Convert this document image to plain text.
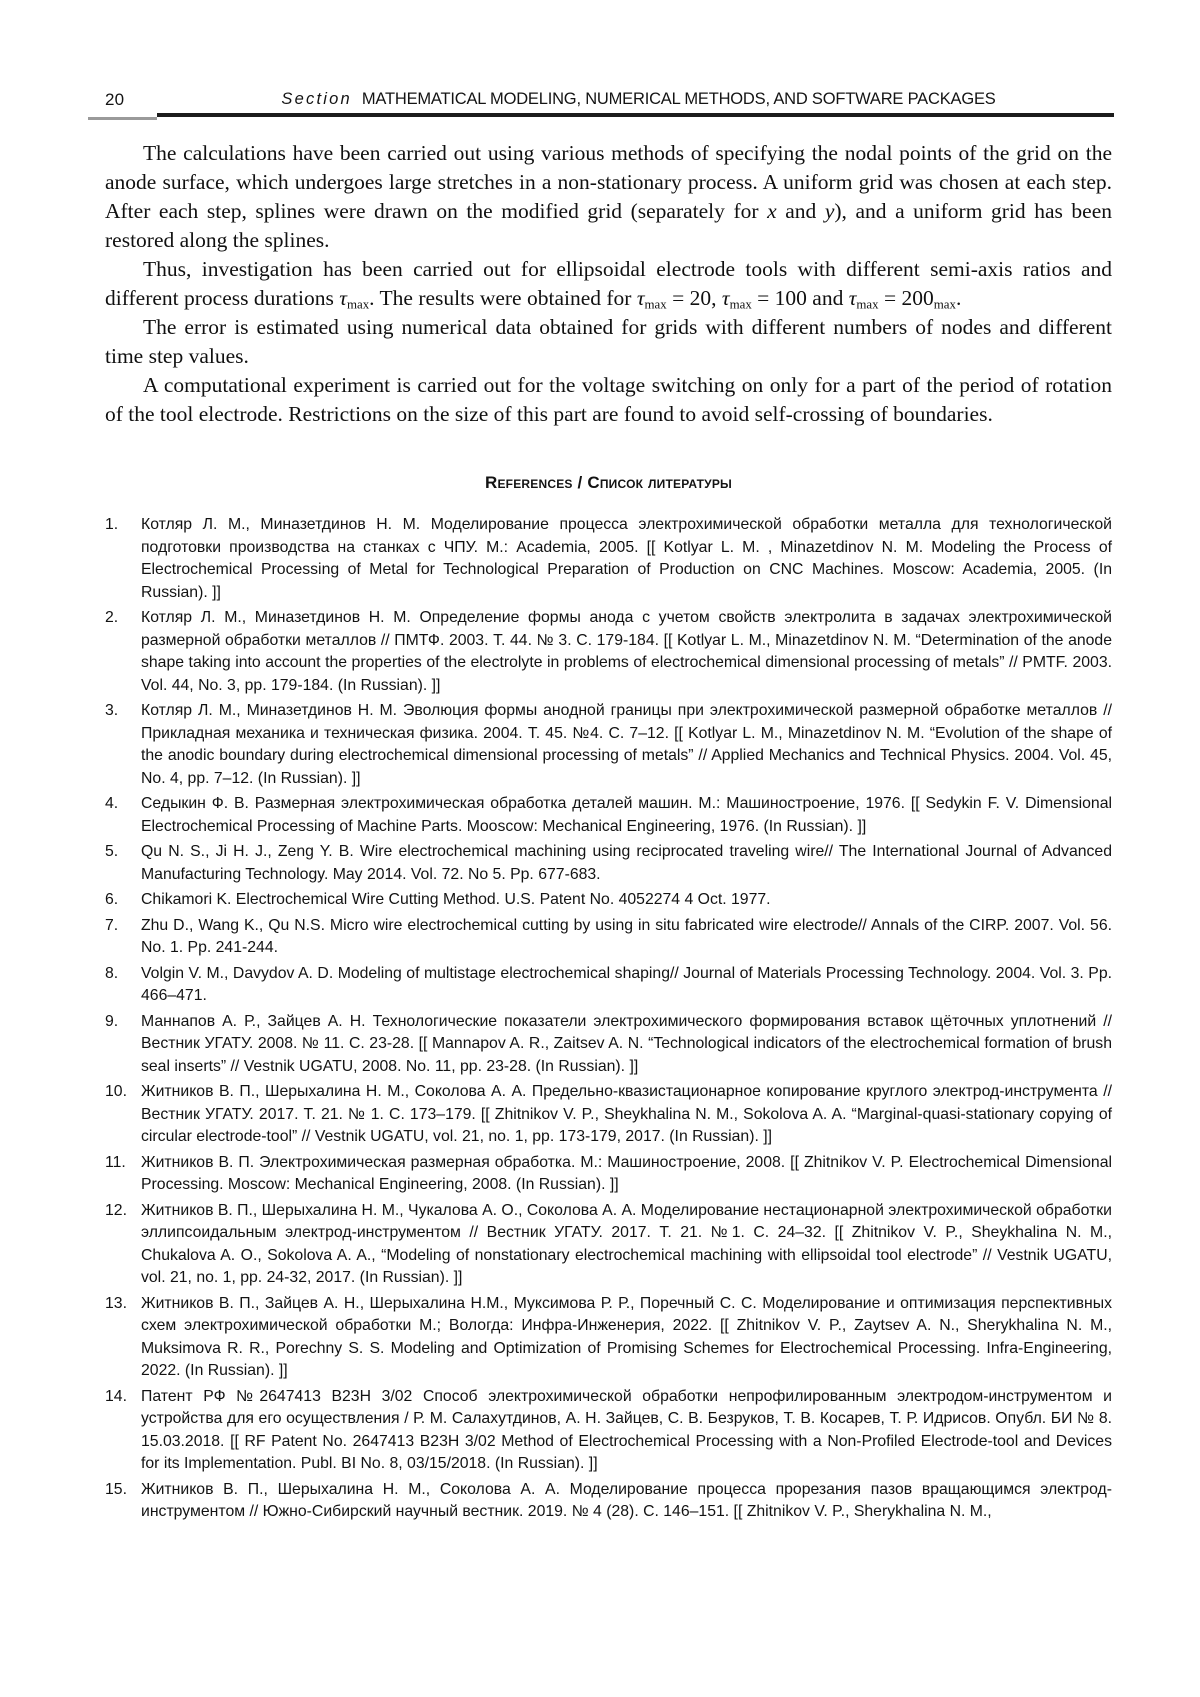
20	Section MATHEMATICAL MODELING, NUMERICAL METHODS, AND SOFTWARE PACKAGES

The calculations have been carried out using various methods of specifying the nodal points of the grid on the anode surface, which undergoes large stretches in a non-stationary process. A uniform grid was chosen at each step. After each step, splines were drawn on the modified grid (separately for x and y), and a uniform grid has been restored along the splines.

Thus, investigation has been carried out for ellipsoidal electrode tools with different semi-axis ratios and different process durations $\tau_{max}$. The results were obtained for $\tau_{max} = 20$, $\tau_{max} = 100$ and $\tau_{max} = 200_{max}$.

The error is estimated using numerical data obtained for grids with different numbers of nodes and different time step values.

A computational experiment is carried out for the voltage switching on only for a part of the period of rotation of the tool electrode. Restrictions on the size of this part are found to avoid self-crossing of boundaries.

References / Список литературы
1.	Котляр Л. М., Миназетдинов Н. М. Моделирование процесса электрохимической обработки металла для технологической подготовки производства на станках с ЧПУ. М.: Academia, 2005. [[ Kotlyar L. M. , Minazetdinov N. M. Modeling the Process of Electrochemical Processing of Metal for Technological Preparation of Production on CNC Machines. Moscow: Academia, 2005. (In Russian). ]]
2.	Котляр Л. М., Миназетдинов Н. М. Определение формы анода с учетом свойств электролита в задачах электрохимической размерной обработки металлов // ПМТФ. 2003. Т. 44. № 3. С. 179-184. [[ Kotlyar L. M., Minazetdinov N. M. “Determination of the anode shape taking into account the properties of the electrolyte in problems of electrochemical dimensional processing of metals” // PMTF. 2003. Vol. 44, No. 3, pp. 179-184. (In Russian). ]]
3.	Котляр Л. М., Миназетдинов Н. М. Эволюция формы анодной границы при электрохимической размерной обработке металлов // Прикладная механика и техническая физика. 2004. Т. 45. №4. С. 7–12. [[ Kotlyar L. M., Minazetdinov N. M. “Evolution of the shape of the anodic boundary during electrochemical dimensional processing of metals” // Applied Mechanics and Technical Physics. 2004. Vol. 45, No. 4, pp. 7–12. (In Russian). ]]
4.	Седыкин Ф. В. Размерная электрохимическая обработка деталей машин. М.: Машиностроение, 1976. [[ Sedykin F. V. Dimensional Electrochemical Processing of Machine Parts. Mooscow: Mechanical Engineering, 1976. (In Russian). ]]
5.	Qu N. S., Ji H. J., Zeng Y. B. Wire electrochemical machining using reciprocated traveling wire// The International Journal of Advanced Manufacturing Technology. May 2014. Vol. 72. No 5. Pp. 677-683.
6.	Chikamori K. Electrochemical Wire Cutting Method. U.S. Patent No. 4052274 4 Oct. 1977.
7.	Zhu D., Wang K., Qu N.S. Micro wire electrochemical cutting by using in situ fabricated wire electrode// Annals of the CIRP. 2007. Vol. 56. No. 1. Pp. 241-244.
8.	Volgin V. M., Davydov A. D. Modeling of multistage electrochemical shaping// Journal of Materials Processing Technology. 2004. Vol. 3. Pp. 466–471.
9.	Маннапов А. Р., Зайцев А. Н. Технологические показатели электрохимического формирования вставок щёточных уплотнений // Вестник УГАТУ. 2008. № 11. С. 23-28. [[ Mannapov A. R., Zaitsev A. N. “Technological indicators of the electrochemical formation of brush seal inserts” // Vestnik UGATU, 2008. No. 11, pp. 23-28. (In Russian). ]]
10. Житников В. П., Шерыхалина Н. М., Соколова А. А. Предельно-квазистационарное копирование круглого электрод-инструмента // Вестник УГАТУ. 2017. Т. 21. № 1. С. 173–179. [[ Zhitnikov V. P., Sheykhalina N. M., Sokolova A. A. “Marginal-quasi-stationary copying of circular electrode-tool” // Vestnik UGATU, vol. 21, no. 1, pp. 173-179, 2017. (In Russian). ]]
11. Житников В. П. Электрохимическая размерная обработка. М.: Машиностроение, 2008. [[ Zhitnikov V. P. Electrochemical Dimensional Processing. Moscow: Mechanical Engineering, 2008. (In Russian). ]]
12. Житников В. П., Шерыхалина Н. М., Чукалова А. О., Соколова А. А. Моделирование нестационарной электрохимической обработки эллипсоидальным электрод-инструментом // Вестник УГАТУ. 2017. Т. 21. №1. С. 24–32. [[ Zhitnikov V. P., Sheykhalina N. M., Chukalova A. O., Sokolova A. A., “Modeling of nonstationary electrochemical machining with ellipsoidal tool electrode” // Vestnik UGATU, vol. 21, no. 1, pp. 24-32, 2017. (In Russian). ]]
13. Житников В. П., Зайцев А. Н., Шерыхалина Н.М., Муксимова Р. Р., Поречный С. С. Моделирование и оптимизация перспективных схем электрохимической обработки М.; Вологда: Инфра-Инженерия, 2022. [[ Zhitnikov V. P., Zaytsev A. N., Sherykhalina N. M., Muksimova R. R., Porechny S. S. Modeling and Optimization of Promising Schemes for Electrochemical Processing. Infra-Engineering, 2022. (In Russian). ]]
14. Патент РФ №2647413 B23H 3/02 Способ электрохимической обработки непрофилированным электродом-инструментом и устройства для его осуществления / Р. М. Салахутдинов, А. Н. Зайцев, С. В. Безруков, Т. В. Косарев, Т. Р. Идрисов. Опубл. БИ № 8. 15.03.2018. [[ RF Patent No. 2647413 B23H 3/02 Method of Electrochemical Processing with a Non-Profiled Electrode-tool and Devices for its Implementation. Publ. BI No. 8, 03/15/2018. (In Russian). ]]
15. Житников В. П., Шерыхалина Н. М., Соколова А. А. Моделирование процесса прорезания пазов вращающимся электрод-инструментом // Южно-Сибирский научный вестник. 2019. № 4 (28). С. 146–151. [[ Zhitnikov V. P., Sherykhalina N. M.,
